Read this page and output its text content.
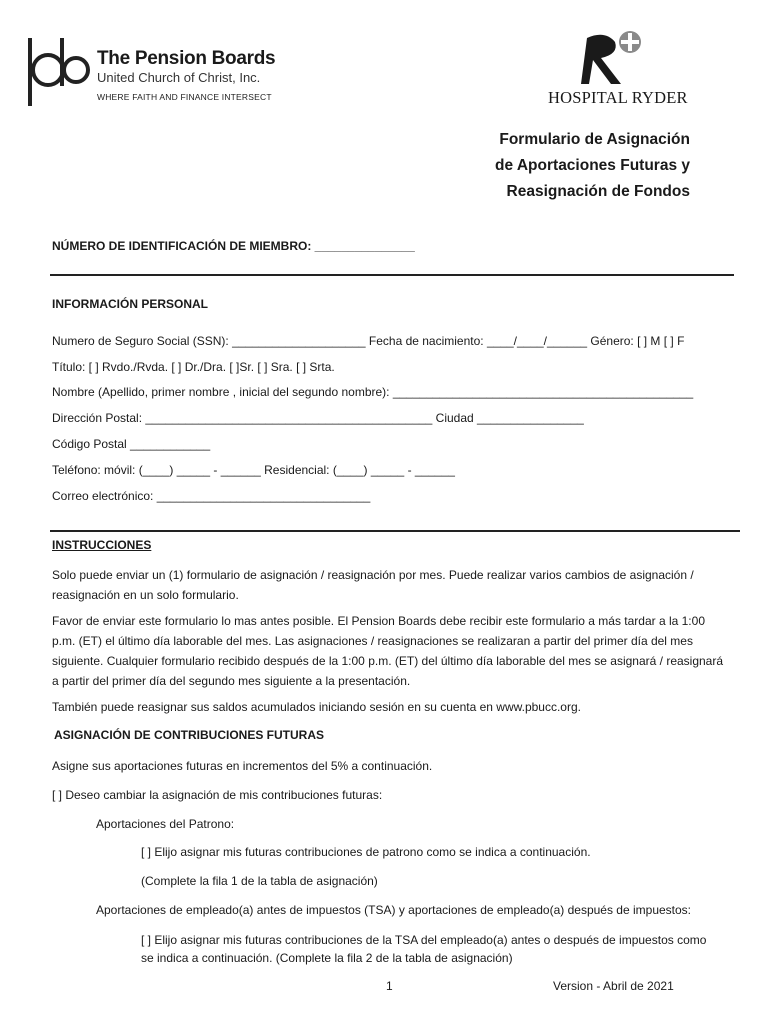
The Pension Boards
United Church of Christ, Inc.
WHERE FAITH AND FINANCE INTERSECT	HOSPITAL RYDER
Formulario de Asignación
de Aportaciones Futuras y
Reasignación de Fondos
NÚMERO DE IDENTIFICACIÓN DE MIEMBRO: _______________
INFORMACIÓN PERSONAL
Numero de Seguro Social (SSN): ____________________ Fecha de nacimiento: ____/____/______ Género: [ ] M [ ] F
Título: [ ] Rvdo./Rvda. [ ] Dr./Dra. [ ]Sr. [ ] Sra. [ ] Srta.
Nombre (Apellido, primer nombre , inicial del segundo nombre): _____________________________________________
Dirección Postal: ___________________________________________ Ciudad ________________
Código Postal ____________
Teléfono: móvil: (____) _____ - ______ Residencial: (____) _____ - ______
Correo electrónico: ________________________________
INSTRUCCIONES
Solo puede enviar un (1) formulario de asignación / reasignación por mes. Puede realizar varios cambios de asignación / reasignación en un solo formulario.
Favor de enviar este formulario lo mas antes posible. El Pension Boards debe recibir este formulario a más tardar a la 1:00 p.m. (ET) el último día laborable del mes. Las asignaciones / reasignaciones se realizaran a partir del primer día del mes siguiente. Cualquier formulario recibido después de la 1:00 p.m. (ET) del último día laborable del mes se asignará / reasignará a partir del primer día del segundo mes siguiente a la presentación.
También puede reasignar sus saldos acumulados iniciando sesión en su cuenta en www.pbucc.org.
ASIGNACIÓN DE CONTRIBUCIONES FUTURAS
Asigne sus aportaciones futuras en incrementos del 5% a continuación.
[ ] Deseo cambiar la asignación de mis contribuciones futuras:
Aportaciones del Patrono:
[ ] Elijo asignar mis futuras contribuciones de patrono como se indica a continuación.
(Complete la fila 1 de la tabla de asignación)
Aportaciones de empleado(a) antes de impuestos (TSA) y aportaciones de empleado(a) después de impuestos:
[ ] Elijo asignar mis futuras contribuciones de la TSA del empleado(a) antes o después de impuestos como se indica a continuación. (Complete la fila 2 de la tabla de asignación)
1	Version - Abril de 2021
